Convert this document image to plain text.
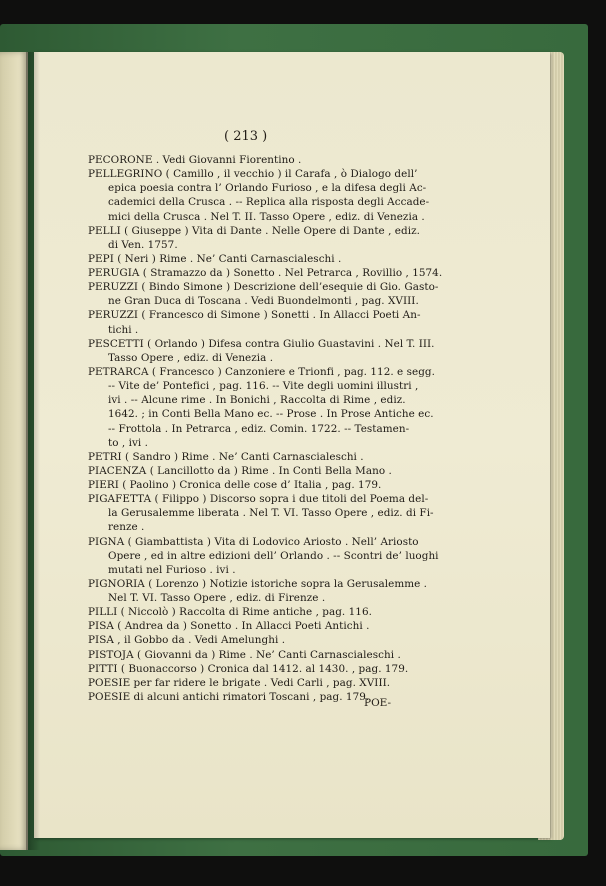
( 213 )
PECORONE . Vedi Giovanni Fiorentino .
PELLEGRINO ( Camillo , il vecchio ) il Carafa , ò Dialogo dell’
epica poesia contra l’ Orlando Furioso , e la difesa degli Ac-
cademici della Crusca . -- Replica alla risposta degli Accade-
mici della Crusca . Nel T. II. Tasso Opere , ediz. di Venezia .
PELLI ( Giuseppe ) Vita di Dante . Nelle Opere di Dante , ediz.
di Ven. 1757.
PEPI ( Neri ) Rime . Ne’ Canti Carnascialeschi .
PERUGIA ( Stramazzo da ) Sonetto . Nel Petrarca , Rovillio , 1574.
PERUZZI ( Bindo Simone ) Descrizione dell’esequie di Gio. Gasto-
ne Gran Duca di Toscana . Vedi Buondelmonti , pag. XVIII.
PERUZZI ( Francesco di Simone ) Sonetti . In Allacci Poeti An-
tichi .
PESCETTI ( Orlando ) Difesa contra Giulio Guastavini . Nel T. III.
Tasso Opere , ediz. di Venezia .
PETRARCA ( Francesco ) Canzoniere e Trionfi , pag. 112. e segg.
-- Vite de’ Pontefici , pag. 116. -- Vite degli uomini illustri ,
ivi . -- Alcune rime . In Bonichi , Raccolta di Rime , ediz.
1642. ; in Conti Bella Mano ec. -- Prose . In Prose Antiche ec.
-- Frottola . In Petrarca , ediz. Comin. 1722. -- Testamen-
to , ivi .
PETRI ( Sandro ) Rime . Ne’ Canti Carnascialeschi .
PIACENZA ( Lancillotto da ) Rime . In Conti Bella Mano .
PIERI ( Paolino ) Cronica delle cose d’ Italia , pag. 179.
PIGAFETTA ( Filippo ) Discorso sopra i due titoli del Poema del-
la Gerusalemme liberata . Nel T. VI. Tasso Opere , ediz. di Fi-
renze .
PIGNA ( Giambattista ) Vita di Lodovico Ariosto . Nell’ Ariosto
Opere , ed in altre edizioni dell’ Orlando . -- Scontri de’ luoghi
mutati nel Furioso . ivi .
PIGNORIA ( Lorenzo ) Notizie istoriche sopra la Gerusalemme .
Nel T. VI. Tasso Opere , ediz. di Firenze .
PILLI ( Niccolò ) Raccolta di Rime antiche , pag. 116.
PISA ( Andrea da ) Sonetto . In Allacci Poeti Antichi .
PISA , il Gobbo da . Vedi Amelunghi .
PISTOJA ( Giovanni da ) Rime . Ne’ Canti Carnascialeschi .
PITTI ( Buonaccorso ) Cronica dal 1412. al 1430. , pag. 179.
POESIE per far ridere le brigate . Vedi Carli , pag. XVIII.
POESIE di alcuni antichi rimatori Toscani , pag. 179.
POE-
